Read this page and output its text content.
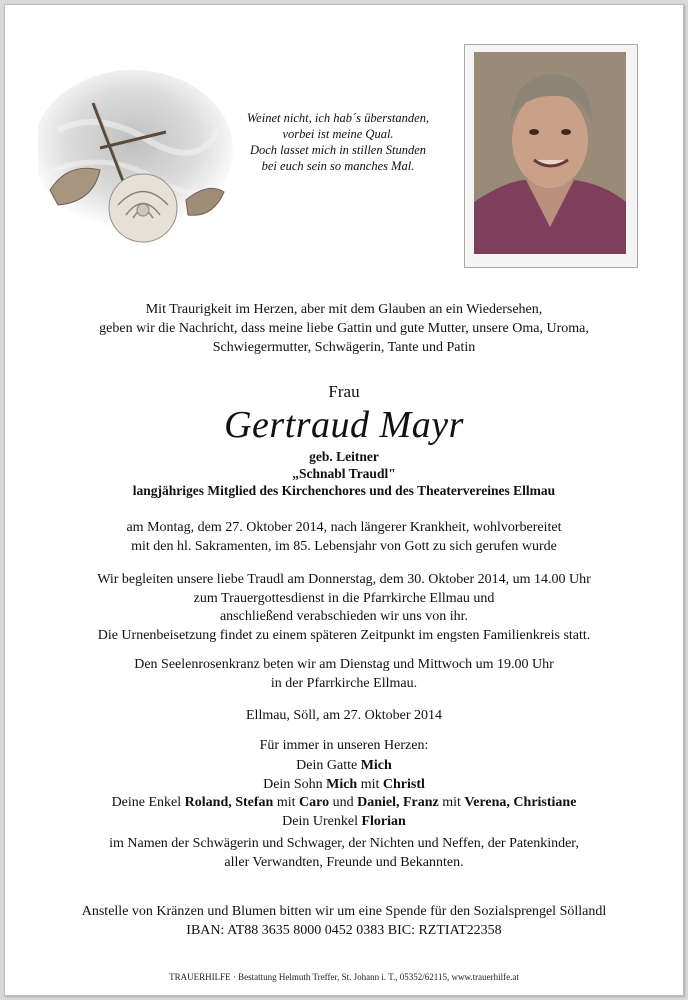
Weinet nicht, ich hab´s überstanden,
vorbei ist meine Qual.
Doch lasset mich in stillen Stunden
bei euch sein so manches Mal.
Mit Traurigkeit im Herzen, aber mit dem Glauben an ein Wiedersehen,
geben wir die Nachricht, dass meine liebe Gattin und gute Mutter, unsere Oma, Uroma,
Schwiegermutter, Schwägerin, Tante und Patin
Frau
Gertraud Mayr
geb. Leitner
„Schnabl Traudl"
langjähriges Mitglied des Kirchenchores und des Theatervereines Ellmau
am Montag, dem 27. Oktober 2014, nach längerer Krankheit, wohlvorbereitet
mit den hl. Sakramenten, im 85. Lebensjahr von Gott zu sich gerufen wurde
Wir begleiten unsere liebe Traudl am Donnerstag, dem 30. Oktober 2014, um 14.00 Uhr
zum Trauergottesdienst in die Pfarrkirche Ellmau und
anschließend verabschieden wir uns von ihr.
Die Urnenbeisetzung findet zu einem späteren Zeitpunkt im engsten Familienkreis statt.
Den Seelenrosenkranz beten wir am Dienstag und Mittwoch um 19.00 Uhr
in der Pfarrkirche Ellmau.
Ellmau, Söll, am 27. Oktober 2014
Für immer in unseren Herzen:
Dein Gatte Mich
Dein Sohn Mich mit Christl
Deine Enkel Roland, Stefan mit Caro und Daniel, Franz mit Verena, Christiane
Dein Urenkel Florian
im Namen der Schwägerin und Schwager, der Nichten und Neffen, der Patenkinder,
aller Verwandten, Freunde und Bekannten.
Anstelle von Kränzen und Blumen bitten wir um eine Spende für den Sozialsprengel Söllandl
IBAN: AT88 3635 8000 0452 0383 BIC: RZTIAT22358
TRAUERHILFE · Bestattung Helmuth Treffer, St. Johann i. T., 05352/62115, www.trauerhilfe.at
